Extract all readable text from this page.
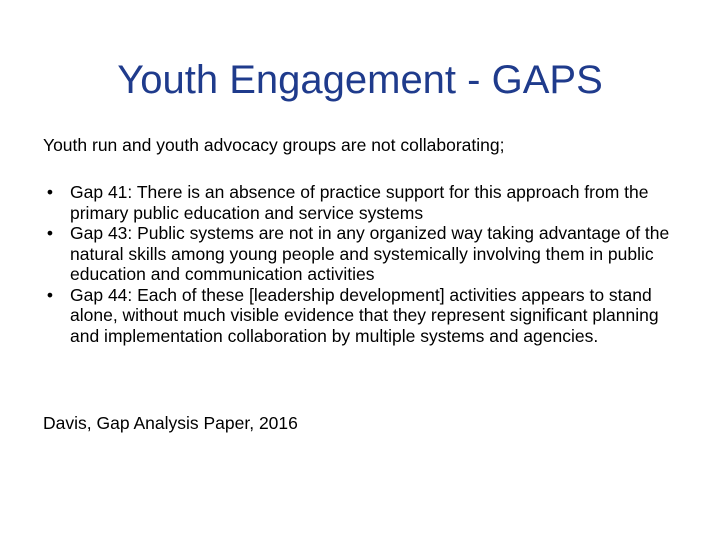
Youth Engagement - GAPS
Youth run and youth advocacy groups are not collaborating;
• Gap 41: There is an absence of practice support for this approach from the primary public education and service systems
• Gap 43: Public systems are not in any organized way taking advantage of the natural skills among young people and systemically involving them in public education and communication activities
• Gap 44: Each of these [leadership development] activities appears to stand alone, without much visible evidence that they represent significant planning and implementation collaboration by multiple systems and agencies.
Davis, Gap Analysis Paper, 2016
